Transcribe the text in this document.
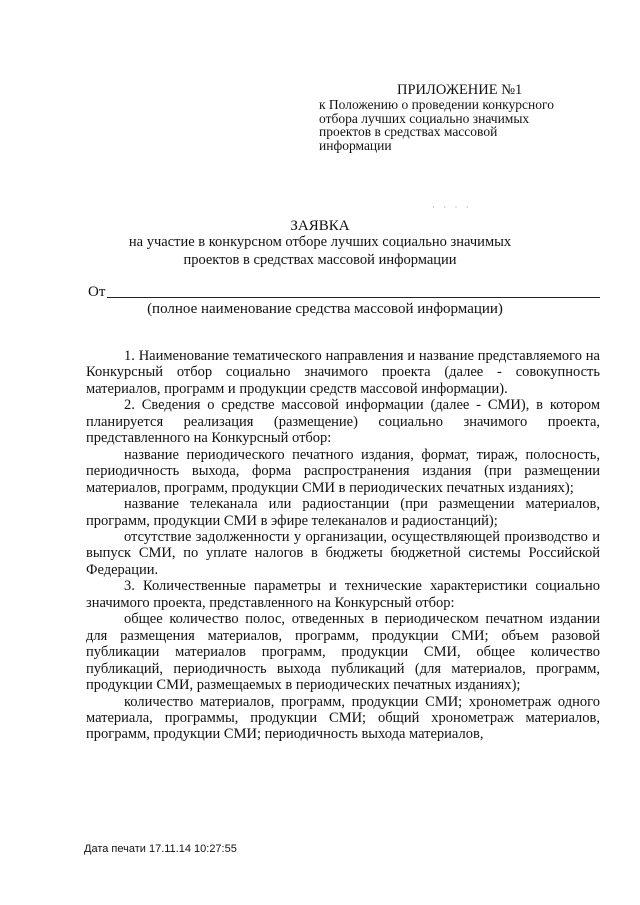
ПРИЛОЖЕНИЕ №1
к Положению о проведении конкурсного
отбора лучших социально значимых
проектов в средствах массовой
информации
· · · ·
ЗАЯВКА
на участие в конкурсном отборе лучших социально значимых проектов в средствах массовой информации
От
(полное наименование средства массовой информации)

1. Наименование тематического направления и название представляемого на Конкурсный отбор социально значимого проекта (далее - совокупность материалов, программ и продукции средств массовой информации).

2. Сведения о средстве массовой информации (далее - СМИ), в котором планируется реализация (размещение) социально значимого проекта, представленного на Конкурсный отбор:

название периодического печатного издания, формат, тираж, полосность, периодичность выхода, форма распространения издания (при размещении материалов, программ, продукции СМИ в периодических печатных изданиях);

название телеканала или радиостанции (при размещении материалов, программ, продукции СМИ в эфире телеканалов и радиостанций);

отсутствие задолженности у организации, осуществляющей производство и выпуск СМИ, по уплате налогов в бюджеты бюджетной системы Российской Федерации.

3. Количественные параметры и технические характеристики социально значимого проекта, представленного на Конкурсный отбор:

общее количество полос, отведенных в периодическом печатном издании для размещения материалов, программ, продукции СМИ; объем разовой публикации материалов программ, продукции СМИ, общее количество публикаций, периодичность выхода публикаций (для материалов, программ, продукции СМИ, размещаемых в периодических печатных изданиях);

количество материалов, программ, продукции СМИ; хронометраж одного материала, программы, продукции СМИ; общий хронометраж материалов, программ, продукции СМИ; периодичность выхода материалов,

Дата печати 17.11.14 10:27:55
